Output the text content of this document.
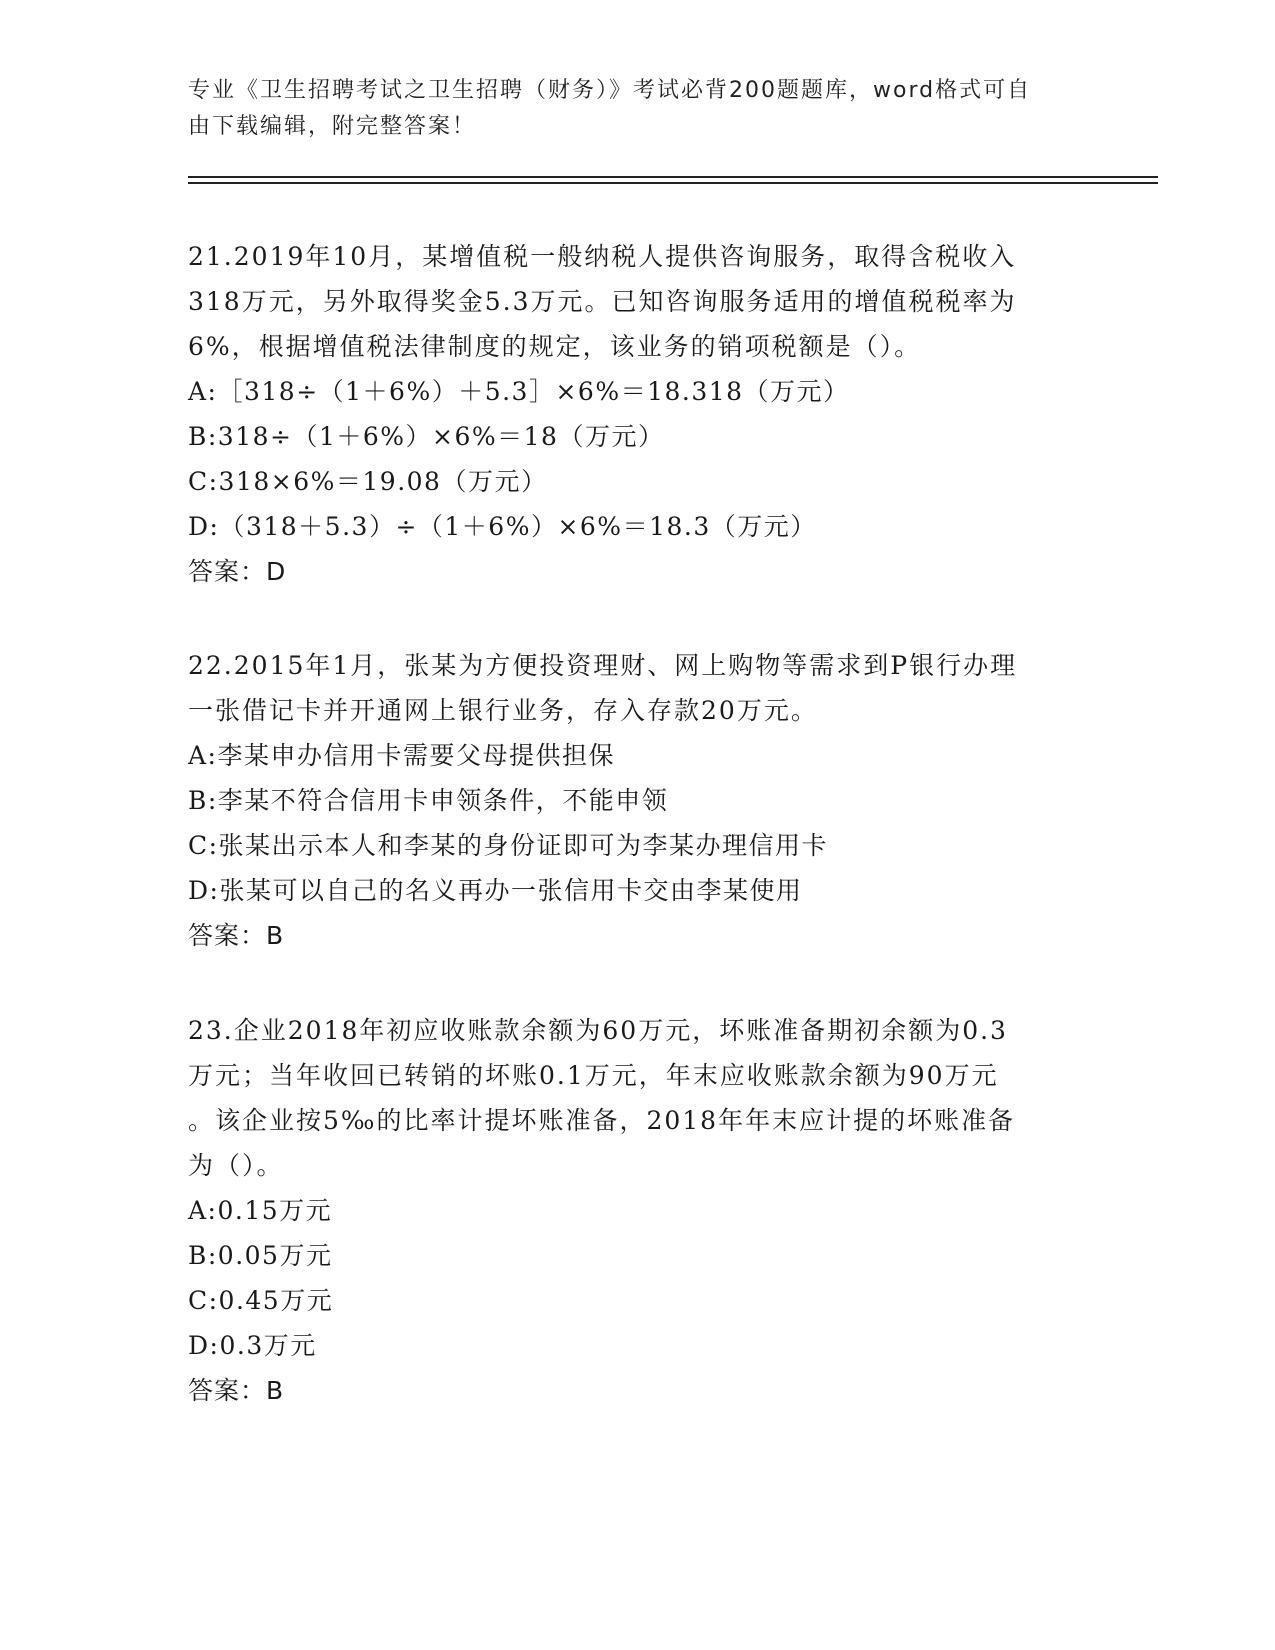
专业《卫生招聘考试之卫生招聘（财务）》考试必背200题题库，word格式可自
由下载编辑，附完整答案！

21.2019年10月，某增值税一般纳税人提供咨询服务，取得含税收入

318万元，另外取得奖金5.3万元。已知咨询服务适用的增值税税率为

6%，根据增值税法律制度的规定，该业务的销项税额是（）。

A:［318÷（1＋6%）＋5.3］×6%＝18.318（万元）

B:318÷（1＋6%）×6%＝18（万元）

C:318×6%＝19.08（万元）

D:（318＋5.3）÷（1＋6%）×6%＝18.3（万元）

答案：D

22.2015年1月，张某为方便投资理财、网上购物等需求到P银行办理

一张借记卡并开通网上银行业务，存入存款20万元。

A:李某申办信用卡需要父母提供担保

B:李某不符合信用卡申领条件，不能申领

C:张某出示本人和李某的身份证即可为李某办理信用卡

D:张某可以自己的名义再办一张信用卡交由李某使用

答案：B

23.企业2018年初应收账款余额为60万元，坏账准备期初余额为0.3

万元；当年收回已转销的坏账0.1万元，年末应收账款余额为90万元

。该企业按5‰的比率计提坏账准备，2018年年末应计提的坏账准备

为（）。

A:0.15万元

B:0.05万元

C:0.45万元

D:0.3万元

答案：B
